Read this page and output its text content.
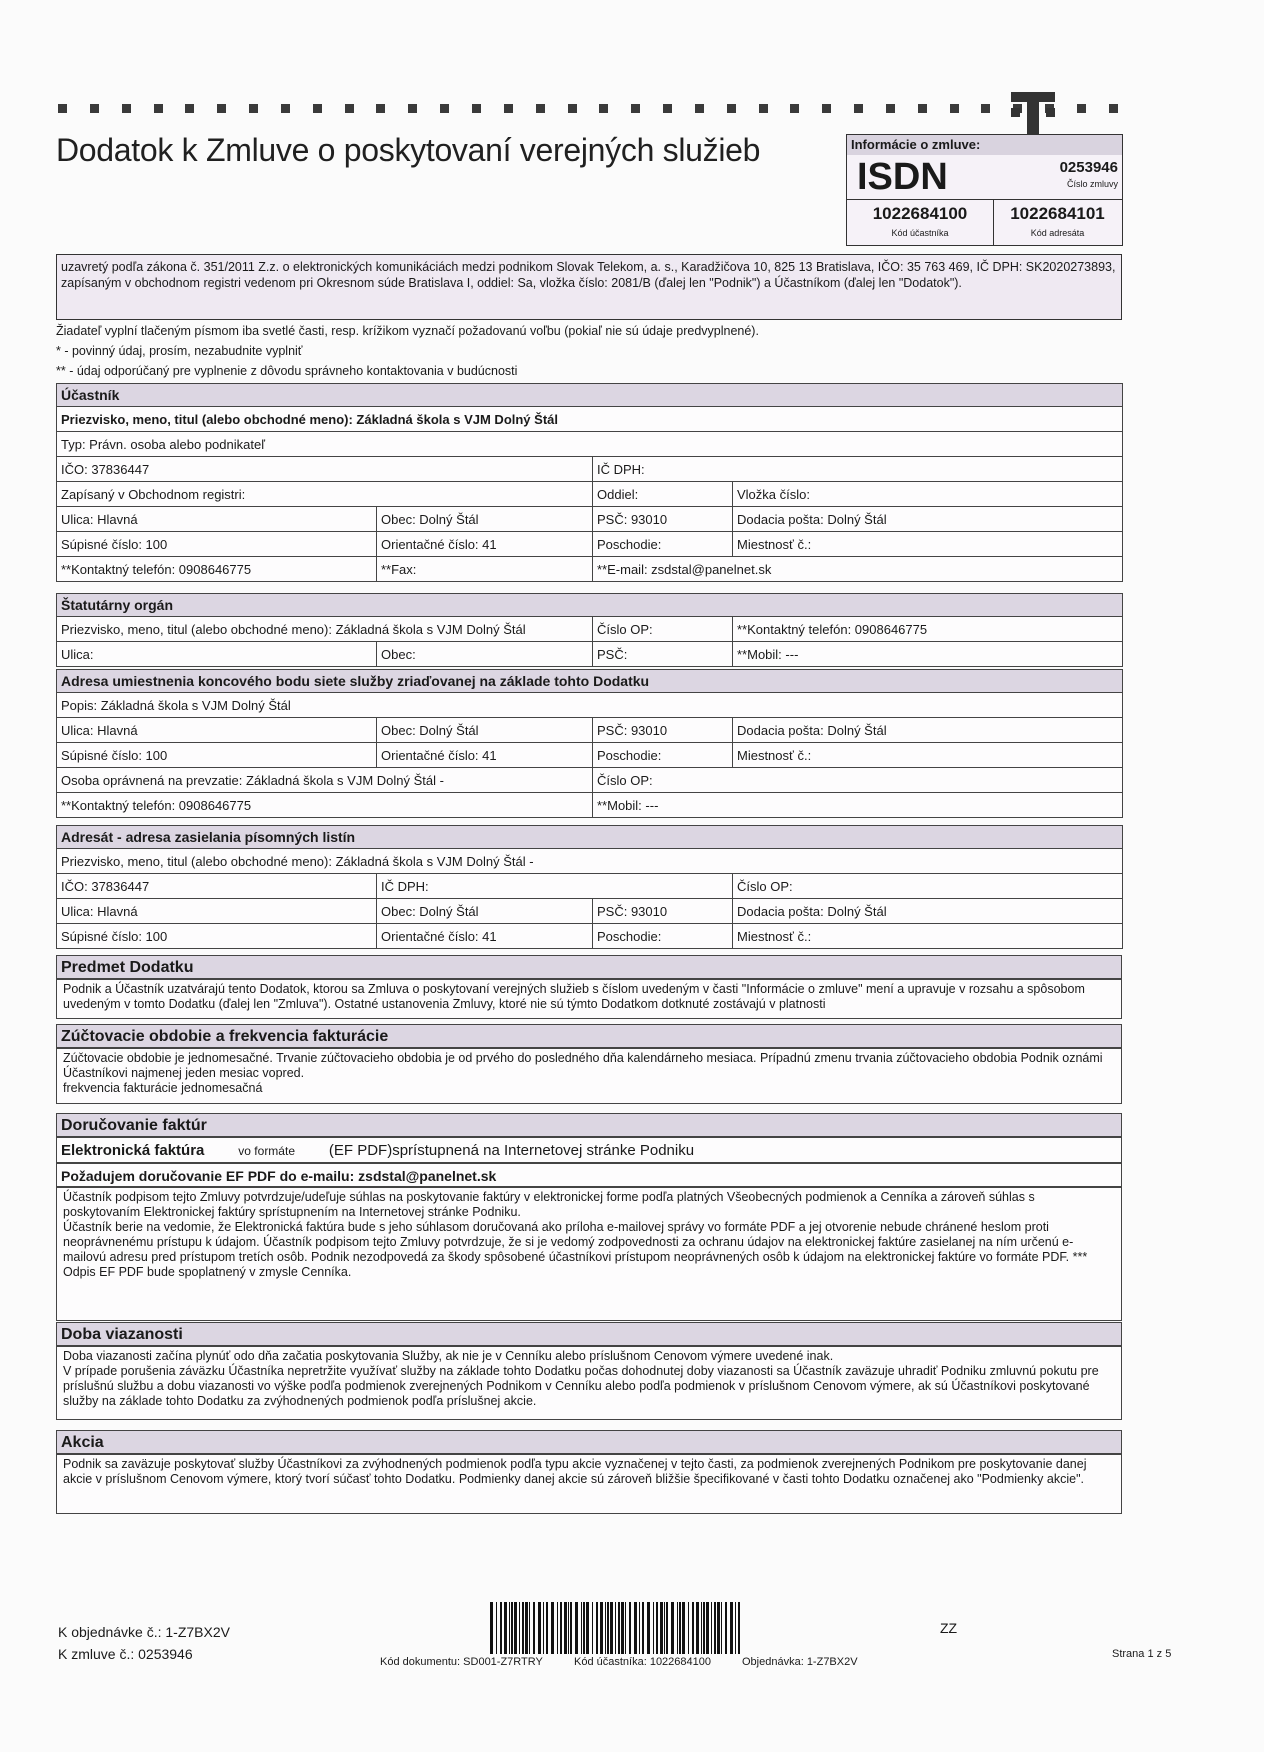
Dodatok k Zmluve o poskytovaní verejných služieb	Informácie o zmluve:
ISDN	0253946
Číslo zmluvy
1022684100
Kód účastníka
1022684101
Kód adresáta
uzavretý podľa zákona č. 351/2011 Z.z. o elektronických komunikáciách medzi podnikom Slovak Telekom, a. s., Karadžičova 10, 825 13 Bratislava, IČO: 35 763 469, IČ DPH: SK2020273893, zapísaným v obchodnom registri vedenom pri Okresnom súde Bratislava I, oddiel: Sa, vložka číslo: 2081/B (ďalej len "Podnik") a Účastníkom (ďalej len "Dodatok").
Žiadateľ vyplní tlačeným písmom iba svetlé časti, resp. krížikom vyznačí požadovanú voľbu (pokiaľ nie sú údaje predvyplnené).
* - povinný údaj, prosím, nezabudnite vyplniť
** - údaj odporúčaný pre vyplnenie z dôvodu správneho kontaktovania v budúcnosti
Účastník			
Priezvisko, meno, titul (alebo obchodné meno): Základná škola s VJM Dolný Štál			
Typ: Právn. osoba alebo podnikateľ			
IČO: 37836447		IČ DPH:	
Zapísaný v Obchodnom registri:		Oddiel:	Vložka číslo:
Ulica: Hlavná	Obec: Dolný Štál	PSČ: 93010	Dodacia pošta: Dolný Štál
Súpisné číslo: 100	Orientačné číslo: 41	Poschodie:	Miestnosť č.:
**Kontaktný telefón: 0908646775	**Fax:	**E-mail: zsdstal@panelnet.sk	
Štatutárny orgán			
Priezvisko, meno, titul (alebo obchodné meno): Základná škola s VJM Dolný Štál		Číslo OP:	**Kontaktný telefón: 0908646775
Ulica:	Obec:	PSČ:	**Mobil: ---
Adresa umiestnenia koncového bodu siete služby zriaďovanej na základe tohto Dodatku			
Popis: Základná škola s VJM Dolný Štál			
Ulica: Hlavná	Obec: Dolný Štál	PSČ: 93010	Dodacia pošta: Dolný Štál
Súpisné číslo: 100	Orientačné číslo: 41	Poschodie:	Miestnosť č.:
Osoba oprávnená na prevzatie: Základná škola s VJM Dolný Štál -		Číslo OP:	
**Kontaktný telefón: 0908646775		**Mobil: ---	
Adresát - adresa zasielania písomných listín			
Priezvisko, meno, titul (alebo obchodné meno): Základná škola s VJM Dolný Štál -			
IČO: 37836447	IČ DPH:		Číslo OP:
Ulica: Hlavná	Obec: Dolný Štál	PSČ: 93010	Dodacia pošta: Dolný Štál
Súpisné číslo: 100	Orientačné číslo: 41	Poschodie:	Miestnosť č.:
Predmet Dodatku
Podnik a Účastník uzatvárajú tento Dodatok, ktorou sa Zmluva o poskytovaní verejných služieb s číslom uvedeným v časti "Informácie o zmluve" mení a upravuje v rozsahu a spôsobom uvedeným v tomto Dodatku (ďalej len "Zmluva"). Ostatné ustanovenia Zmluvy, ktoré nie sú týmto Dodatkom dotknuté zostávajú v platnosti
Zúčtovacie obdobie a frekvencia fakturácie
Zúčtovacie obdobie je jednomesačné. Trvanie zúčtovacieho obdobia je od prvého do posledného dňa kalendárneho mesiaca. Prípadnú zmenu trvania zúčtovacieho obdobia Podnik oznámi Účastníkovi najmenej jeden mesiac vopred.
frekvencia fakturácie jednomesačná
Doručovanie faktúr
Elektronická faktúra	vo formáte (EF PDF)sprístupnená na Internetovej stránke Podniku
Požadujem doručovanie EF PDF do e-mailu: zsdstal@panelnet.sk
Účastník podpisom tejto Zmluvy potvrdzuje/udeľuje súhlas na poskytovanie faktúry v elektronickej forme podľa platných Všeobecných podmienok a Cenníka a zároveň súhlas s poskytovaním Elektronickej faktúry sprístupnením na Internetovej stránke Podniku.
Účastník berie na vedomie, že Elektronická faktúra bude s jeho súhlasom doručovaná ako príloha e-mailovej správy vo formáte PDF a jej otvorenie nebude chránené heslom proti neoprávnenému prístupu k údajom. Účastník podpisom tejto Zmluvy potvrdzuje, že si je vedomý zodpovednosti za ochranu údajov na elektronickej faktúre zasielanej na ním určenú e-mailovú adresu pred prístupom tretích osôb. Podnik nezodpovedá za škody spôsobené účastníkovi prístupom neoprávnených osôb k údajom na elektronickej faktúre vo formáte PDF. *** Odpis EF PDF bude spoplatnený v zmysle Cenníka.
Doba viazanosti
Doba viazanosti začína plynúť odo dňa začatia poskytovania Služby, ak nie je v Cenníku alebo príslušnom Cenovom výmere uvedené inak.
V prípade porušenia záväzku Účastníka nepretržite využívať služby na základe tohto Dodatku počas dohodnutej doby viazanosti sa Účastník zaväzuje uhradiť Podniku zmluvnú pokutu pre príslušnú službu a dobu viazanosti vo výške podľa podmienok zverejnených Podnikom v Cenníku alebo podľa podmienok v príslušnom Cenovom výmere, ak sú Účastníkovi poskytované služby na základe tohto Dodatku za zvýhodnených podmienok podľa príslušnej akcie.
Akcia
Podnik sa zaväzuje poskytovať služby Účastníkovi za zvýhodnených podmienok podľa typu akcie vyznačenej v tejto časti, za podmienok zverejnených Podnikom pre poskytovanie danej akcie v príslušnom Cenovom výmere, ktorý tvorí súčasť tohto Dodatku. Podmienky danej akcie sú zároveň bližšie špecifikované v časti tohto Dodatku označenej ako "Podmienky akcie".
K objednávke č.: 1-Z7BX2V
K zmluve č.: 0253946	Kód dokumentu: SD001-Z7RTRY	Kód účastníka: 1022684100	Objednávka: 1-Z7BX2V
ZZ
Strana 1 z 5
